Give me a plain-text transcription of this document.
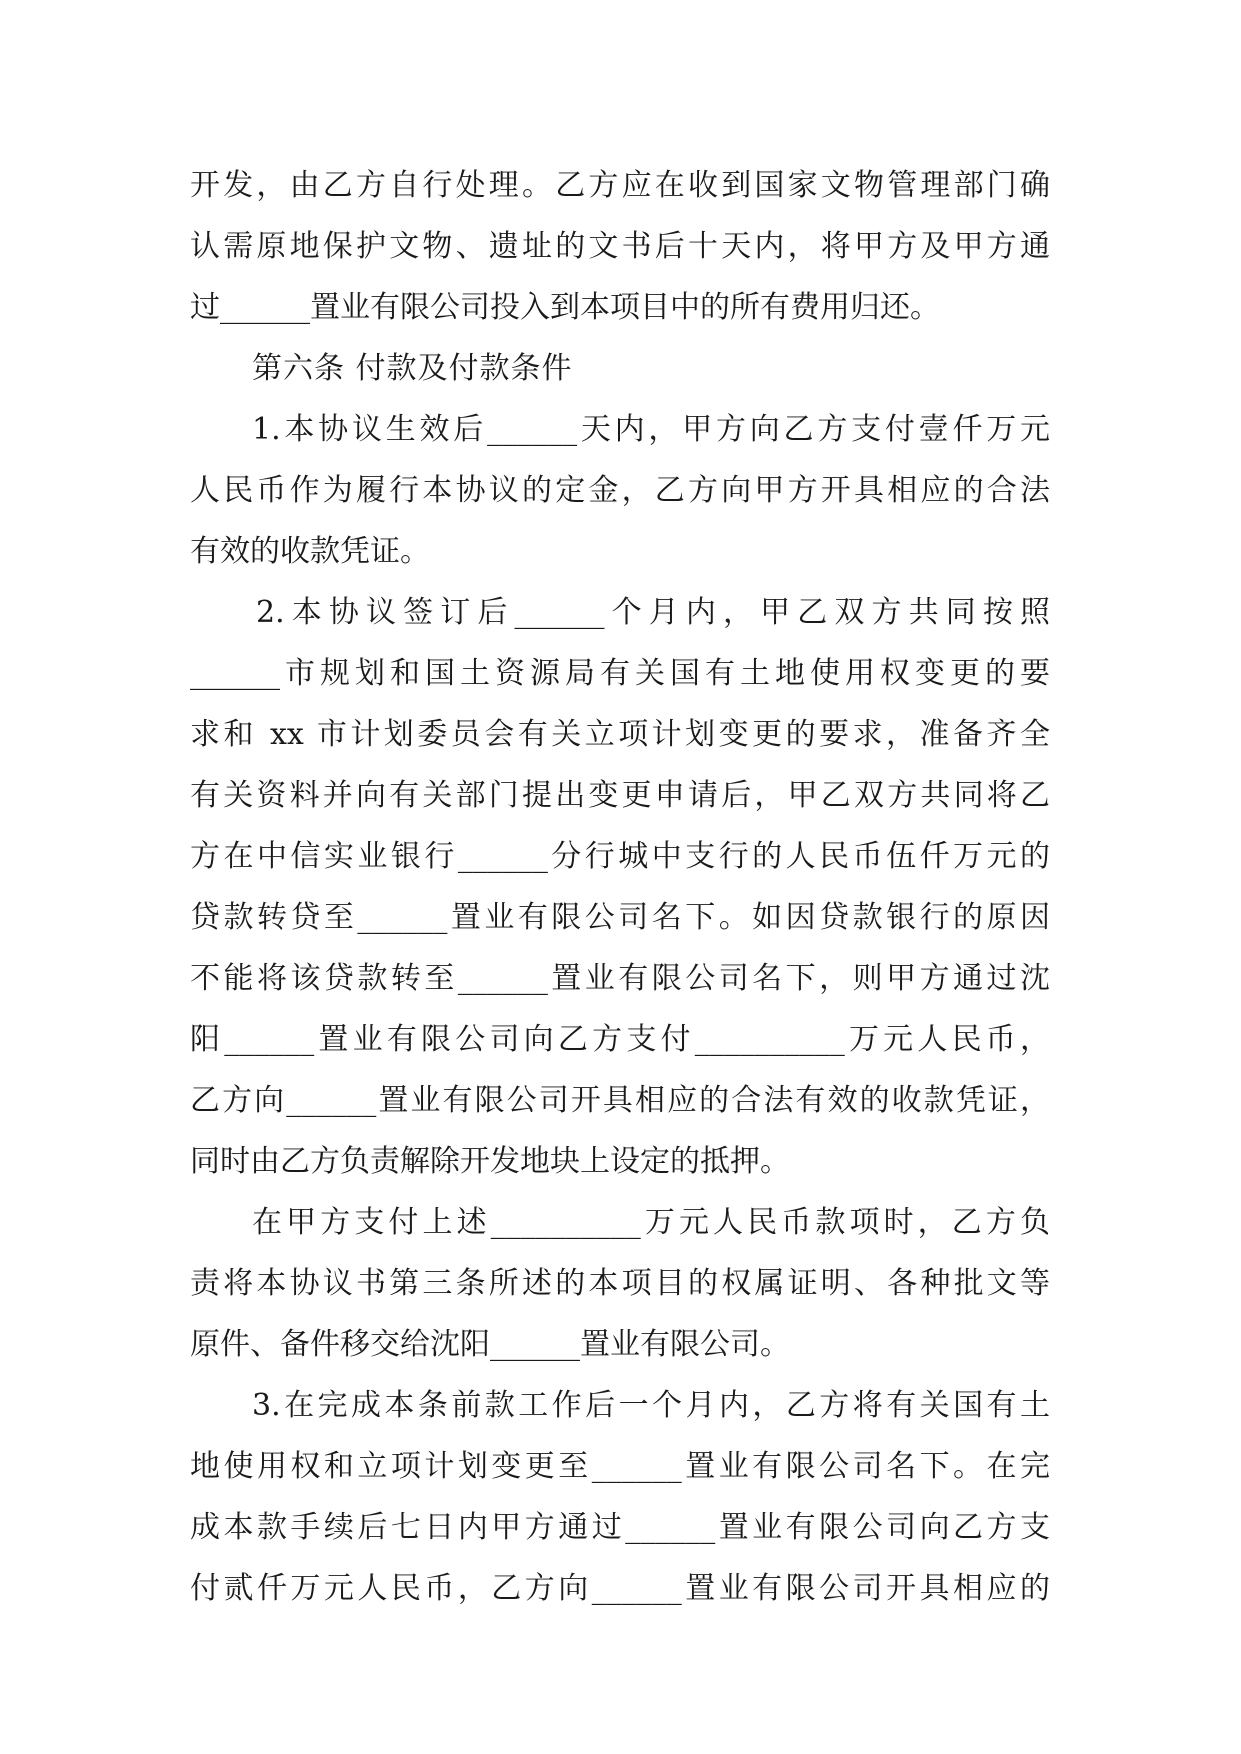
开发，由乙方自行处理。乙方应在收到国家文物管理部门确
认需原地保护文物、遗址的文书后十天内，将甲方及甲方通
过______置业有限公司投入到本项目中的所有费用归还。
第六条 付款及付款条件
1.本协议生效后______天内，甲方向乙方支付壹仟万元
人民币作为履行本协议的定金，乙方向甲方开具相应的合法
有效的收款凭证。
2.本协议签订后______个月内，甲乙双方共同按照
______市规划和国土资源局有关国有土地使用权变更的要
求和 xx 市计划委员会有关立项计划变更的要求，准备齐全
有关资料并向有关部门提出变更申请后，甲乙双方共同将乙
方在中信实业银行______分行城中支行的人民币伍仟万元的
贷款转贷至______置业有限公司名下。如因贷款银行的原因
不能将该贷款转至______置业有限公司名下，则甲方通过沈
阳______置业有限公司向乙方支付__________万元人民币，
乙方向______置业有限公司开具相应的合法有效的收款凭证，
同时由乙方负责解除开发地块上设定的抵押。
在甲方支付上述__________万元人民币款项时，乙方负
责将本协议书第三条所述的本项目的权属证明、各种批文等
原件、备件移交给沈阳______置业有限公司。
3.在完成本条前款工作后一个月内，乙方将有关国有土
地使用权和立项计划变更至______置业有限公司名下。在完
成本款手续后七日内甲方通过______置业有限公司向乙方支
付贰仟万元人民币，乙方向______置业有限公司开具相应的
